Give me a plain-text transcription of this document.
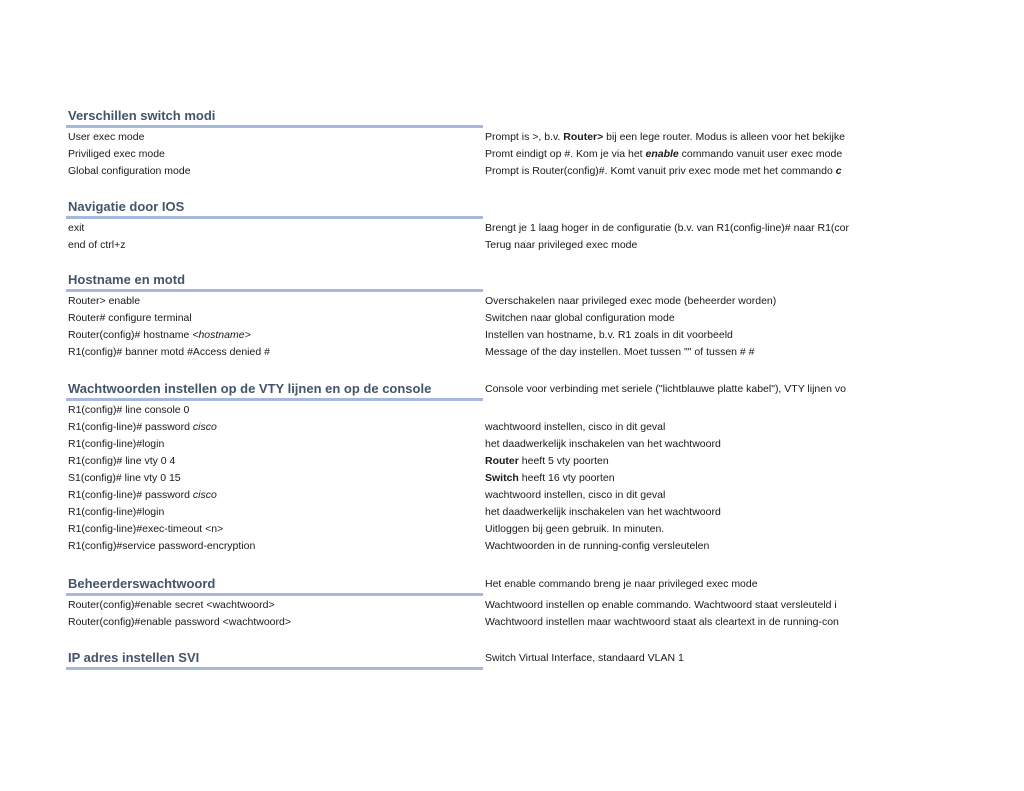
Verschillen switch modi
User exec mode	Prompt is >, b.v. Router> bij een lege router. Modus is alleen voor het bekijke
Priviliged exec mode	Promt eindigt op #. Kom je via het enable commando vanuit user exec mode
Global configuration mode	Prompt is Router(config)#. Komt vanuit priv exec mode met het commando c
Navigatie door IOS
exit	Brengt je 1 laag hoger in de configuratie (b.v. van R1(config-line)# naar R1(cor
end of ctrl+z	Terug naar privileged exec mode
Hostname en motd
Router> enable	Overschakelen naar privileged exec mode (beheerder worden)
Router# configure terminal	Switchen naar global configuration mode
Router(config)# hostname <hostname>	Instellen van hostname, b.v. R1 zoals in dit voorbeeld
R1(config)# banner motd #Access denied #	Message of the day instellen. Moet tussen "" of tussen # #
Wachtwoorden instellen op de VTY lijnen en op de console	Console voor verbinding met seriele ("lichtblauwe platte kabel"), VTY lijnen vo
R1(config)# line console 0
R1(config-line)# password cisco	wachtwoord instellen, cisco in dit geval
R1(config-line)#login	het daadwerkelijk inschakelen van het wachtwoord
R1(config)# line vty 0 4	Router heeft 5 vty poorten
S1(config)# line vty 0 15	Switch heeft 16 vty poorten
R1(config-line)# password cisco	wachtwoord instellen, cisco in dit geval
R1(config-line)#login	het daadwerkelijk inschakelen van het wachtwoord
R1(config-line)#exec-timeout <n>	Uitloggen bij geen gebruik. In minuten.
R1(config)#service password-encryption	Wachtwoorden in de running-config versleutelen
Beheerderswachtwoord	Het enable commando breng je naar privileged exec mode
Router(config)#enable secret <wachtwoord>	Wachtwoord instellen op enable commando. Wachtwoord staat versleuteld i
Router(config)#enable password <wachtwoord>	Wachtwoord instellen maar wachtwoord staat als cleartext in de running-con
IP adres instellen SVI	Switch Virtual Interface, standaard VLAN 1
